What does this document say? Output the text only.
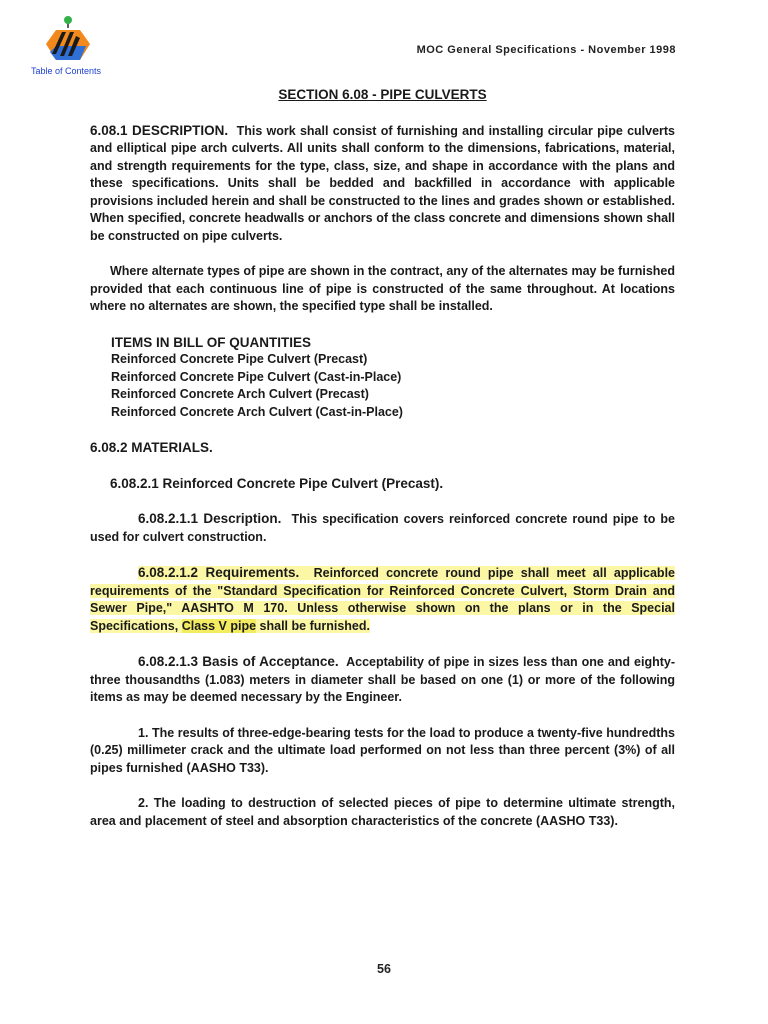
Table of Contents
MOC General Specifications - November 1998
SECTION 6.08 - PIPE CULVERTS

6.08.1 DESCRIPTION. This work shall consist of furnishing and installing circular pipe culverts and elliptical pipe arch culverts. All units shall conform to the dimensions, fabrications, material, and strength requirements for the type, class, size, and shape in accordance with the plans and these specifications. Units shall be bedded and backfilled in accordance with applicable provisions included herein and shall be constructed to the lines and grades shown or established. When specified, concrete headwalls or anchors of the class concrete and dimensions shown shall be constructed on pipe culverts.

Where alternate types of pipe are shown in the contract, any of the alternates may be furnished provided that each continuous line of pipe is constructed of the same throughout. At locations where no alternates are shown, the specified type shall be installed.

ITEMS IN BILL OF QUANTITIES
Reinforced Concrete Pipe Culvert (Precast)
Reinforced Concrete Pipe Culvert (Cast-in-Place)
Reinforced Concrete Arch Culvert (Precast)
Reinforced Concrete Arch Culvert (Cast-in-Place)

6.08.2 MATERIALS.

6.08.2.1 Reinforced Concrete Pipe Culvert (Precast).

6.08.2.1.1 Description. This specification covers reinforced concrete round pipe to be used for culvert construction.

6.08.2.1.2 Requirements. Reinforced concrete round pipe shall meet all applicable requirements of the "Standard Specification for Reinforced Concrete Culvert, Storm Drain and Sewer Pipe," AASHTO M 170. Unless otherwise shown on the plans or in the Special Specifications, Class V pipe shall be furnished.

6.08.2.1.3 Basis of Acceptance. Acceptability of pipe in sizes less than one and eighty-three thousandths (1.083) meters in diameter shall be based on one (1) or more of the following items as may be deemed necessary by the Engineer.

1. The results of three-edge-bearing tests for the load to produce a twenty-five hundredths (0.25) millimeter crack and the ultimate load performed on not less than three percent (3%) of all pipes furnished (AASHO T33).

2. The loading to destruction of selected pieces of pipe to determine ultimate strength, area and placement of steel and absorption characteristics of the concrete (AASHO T33).

56
